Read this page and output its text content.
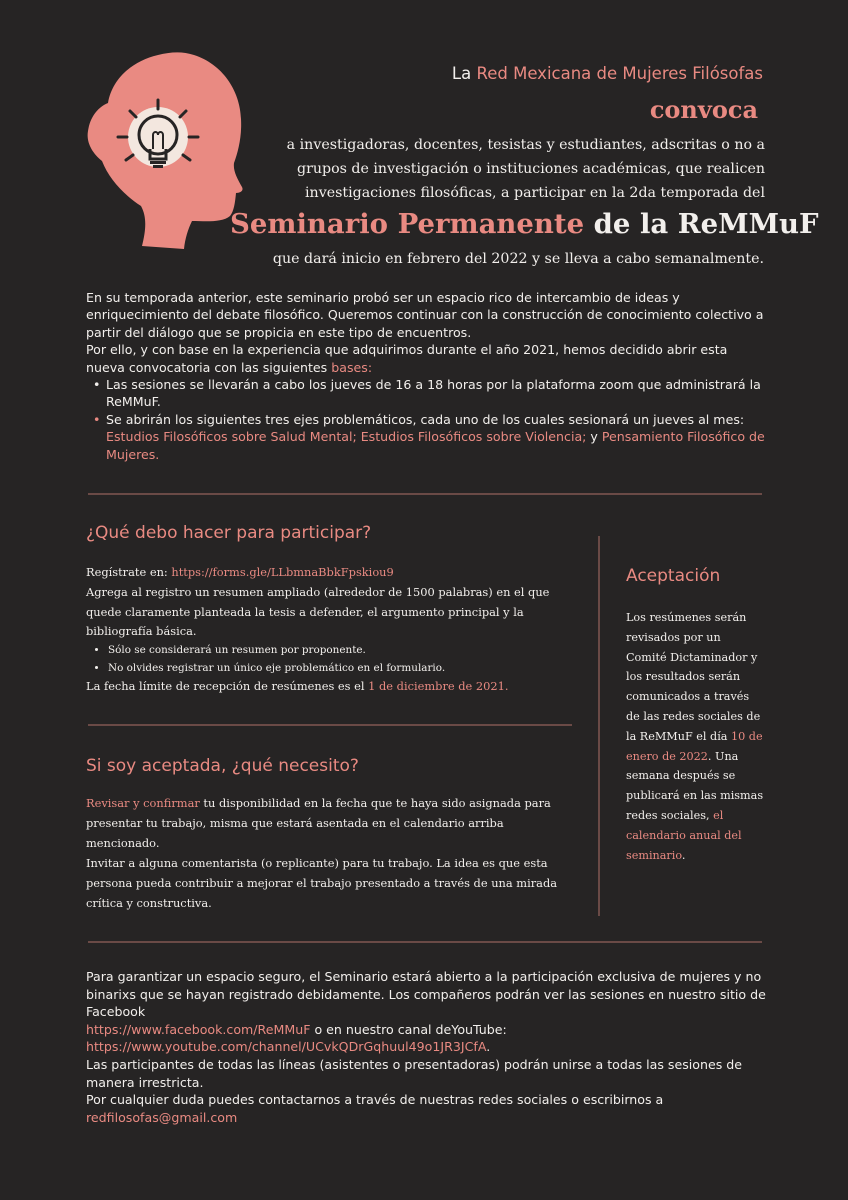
La Red Mexicana de Mujeres Filósofas
convoca
a investigadoras, docentes, tesistas y estudiantes, adscritas o no a
grupos de investigación o instituciones académicas, que realicen
investigaciones filosóficas, a participar en la 2da temporada del
Seminario Permanente de la ReMMuF
que dará inicio en febrero del 2022 y se lleva a cabo semanalmente.

En su temporada anterior, este seminario probó ser un espacio rico de intercambio de ideas y enriquecimiento del debate filosófico. Queremos continuar con la construcción de conocimiento colectivo a partir del diálogo que se propicia en este tipo de encuentros.

Por ello, y con base en la experiencia que adquirimos durante el año 2021, hemos decidido abrir esta nueva convocatoria con las siguientes bases:

• Las sesiones se llevarán a cabo los jueves de 16 a 18 horas por la plataforma zoom que administrará la ReMMuF.
• Se abrirán los siguientes tres ejes problemáticos, cada uno de los cuales sesionará un jueves al mes: Estudios Filosóficos sobre Salud Mental; Estudios Filosóficos sobre Violencia; y Pensamiento Filosófico de Mujeres.
¿Qué debo hacer para participar?

Regístrate en: https://forms.gle/LLbmnaBbkFpskiou9

Agrega al registro un resumen ampliado (alrededor de 1500 palabras) en el que quede claramente planteada la tesis a defender, el argumento principal y la bibliografía básica.

• Sólo se considerará un resumen por proponente.
• No olvides registrar un único eje problemático en el formulario.

La fecha límite de recepción de resúmenes es el 1 de diciembre de 2021.

Si soy aceptada, ¿qué necesito?

Revisar y confirmar tu disponibilidad en la fecha que te haya sido asignada para presentar tu trabajo, misma que estará asentada en el calendario arriba mencionado.

Invitar a alguna comentarista (o replicante) para tu trabajo. La idea es que esta persona pueda contribuir a mejorar el trabajo presentado a través de una mirada crítica y constructiva.

Aceptación
Los resúmenes serán revisados por un Comité Dictaminador y los resultados serán comunicados a través de las redes sociales de la ReMMuF el día 10 de enero de 2022. Una semana después se publicará en las mismas redes sociales, el calendario anual del seminario.

Para garantizar un espacio seguro, el Seminario estará abierto a la participación exclusiva de mujeres y no binarixs que se hayan registrado debidamente. Los compañeros podrán ver las sesiones en nuestro sitio de Facebook
https://www.facebook.com/ReMMuF o en nuestro canal deYouTube:
https://www.youtube.com/channel/UCvkQDrGqhuul49o1JR3JCfA.

Las participantes de todas las líneas (asistentes o presentadoras) podrán unirse a todas las sesiones de manera irrestricta.

Por cualquier duda puedes contactarnos a través de nuestras redes sociales o escribirnos a redfilosofas@gmail.com
